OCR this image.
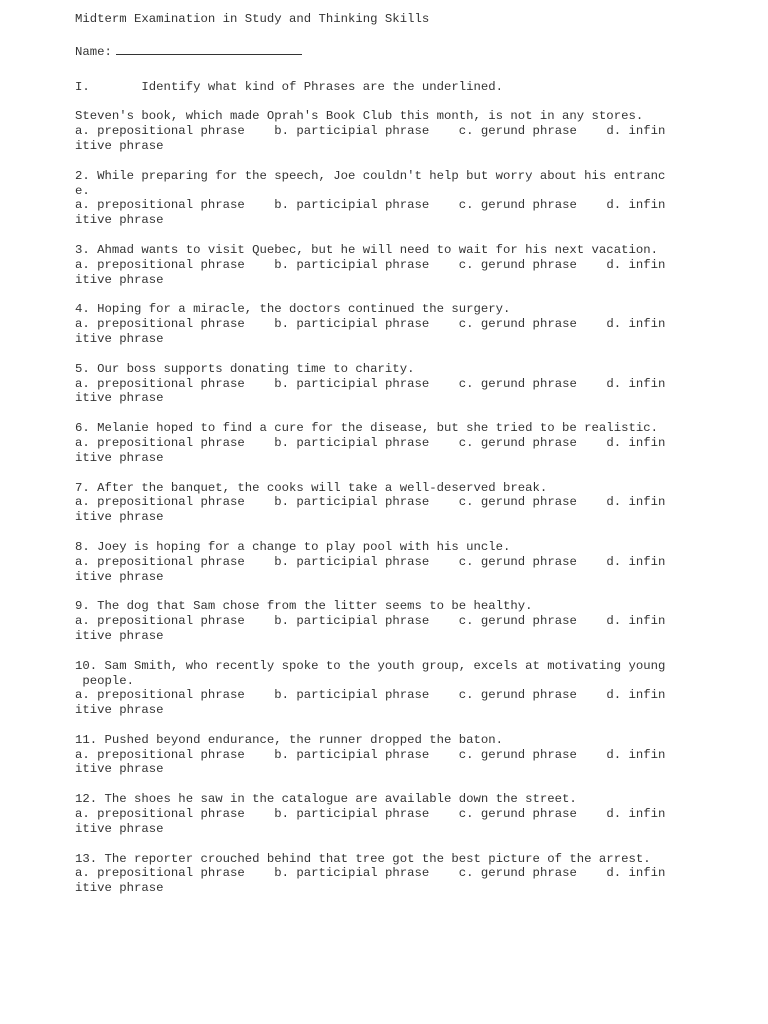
Midterm Examination in Study and Thinking Skills
Name:
I.	Identify what kind of Phrases are the underlined.
Steven's book, which made Oprah's Book Club this month, is not in any stores.
a. prepositional phrase b. participial phrase c. gerund phrase d. infin
itive phrase
2. While preparing for the speech, Joe couldn't help but worry about his entranc
e.
a. prepositional phrase b. participial phrase c. gerund phrase d. infin
itive phrase
3. Ahmad wants to visit Quebec, but he will need to wait for his next vacation.
a. prepositional phrase b. participial phrase c. gerund phrase d. infin
itive phrase
4. Hoping for a miracle, the doctors continued the surgery.
a. prepositional phrase b. participial phrase c. gerund phrase d. infin
itive phrase
5. Our boss supports donating time to charity.
a. prepositional phrase b. participial phrase c. gerund phrase d. infin
itive phrase
6. Melanie hoped to find a cure for the disease, but she tried to be realistic.
a. prepositional phrase b. participial phrase c. gerund phrase d. infin
itive phrase
7. After the banquet, the cooks will take a well-deserved break.
a. prepositional phrase b. participial phrase c. gerund phrase d. infin
itive phrase
8. Joey is hoping for a change to play pool with his uncle.
a. prepositional phrase b. participial phrase c. gerund phrase d. infin
itive phrase
9. The dog that Sam chose from the litter seems to be healthy.
a. prepositional phrase b. participial phrase c. gerund phrase d. infin
itive phrase
10. Sam Smith, who recently spoke to the youth group, excels at motivating young
people.
a. prepositional phrase b. participial phrase c. gerund phrase d. infin
itive phrase
11. Pushed beyond endurance, the runner dropped the baton.
a. prepositional phrase b. participial phrase c. gerund phrase d. infin
itive phrase
12. The shoes he saw in the catalogue are available down the street.
a. prepositional phrase b. participial phrase c. gerund phrase d. infin
itive phrase
13. The reporter crouched behind that tree got the best picture of the arrest.
a. prepositional phrase b. participial phrase c. gerund phrase d. infin
itive phrase
